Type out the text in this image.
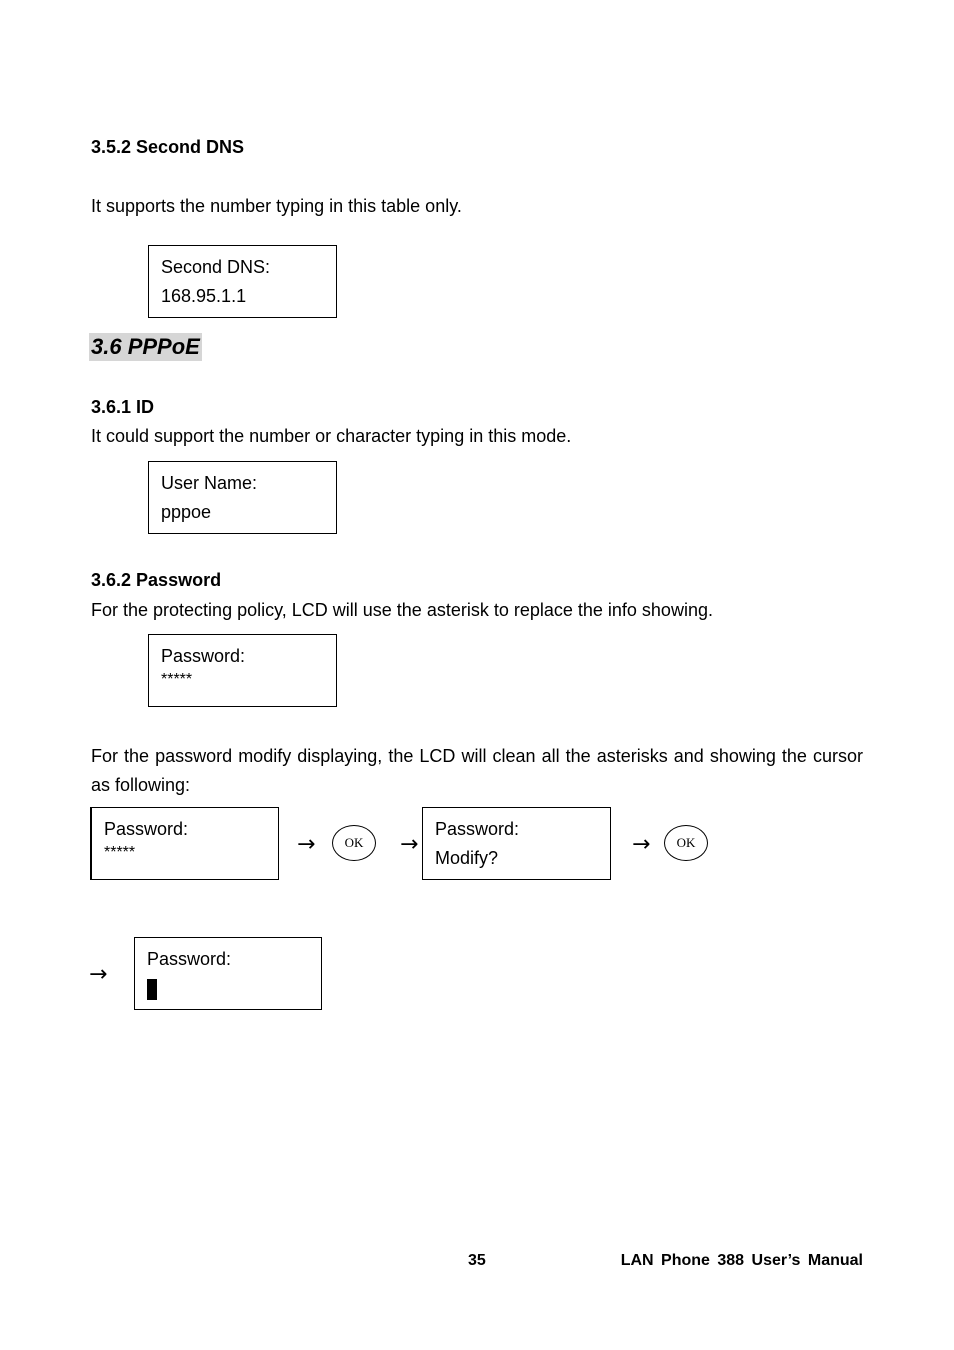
3.5.2 Second DNS
It supports the number typing in this table only.
Second DNS:
168.95.1.1
3.6 PPPoE
3.6.1 ID
It could support the number or character typing in this mode.
User Name:
pppoe
3.6.2 Password
For the protecting policy, LCD will use the asterisk to replace the info showing.
Password:
*****
For the password modify displaying, the LCD will clean all the asterisks and showing the cursor as following:
Password:
*****	→	OK	→
Password:
Modify?
→	OK
→
Password:
35	LAN Phone 388 User’s Manual
